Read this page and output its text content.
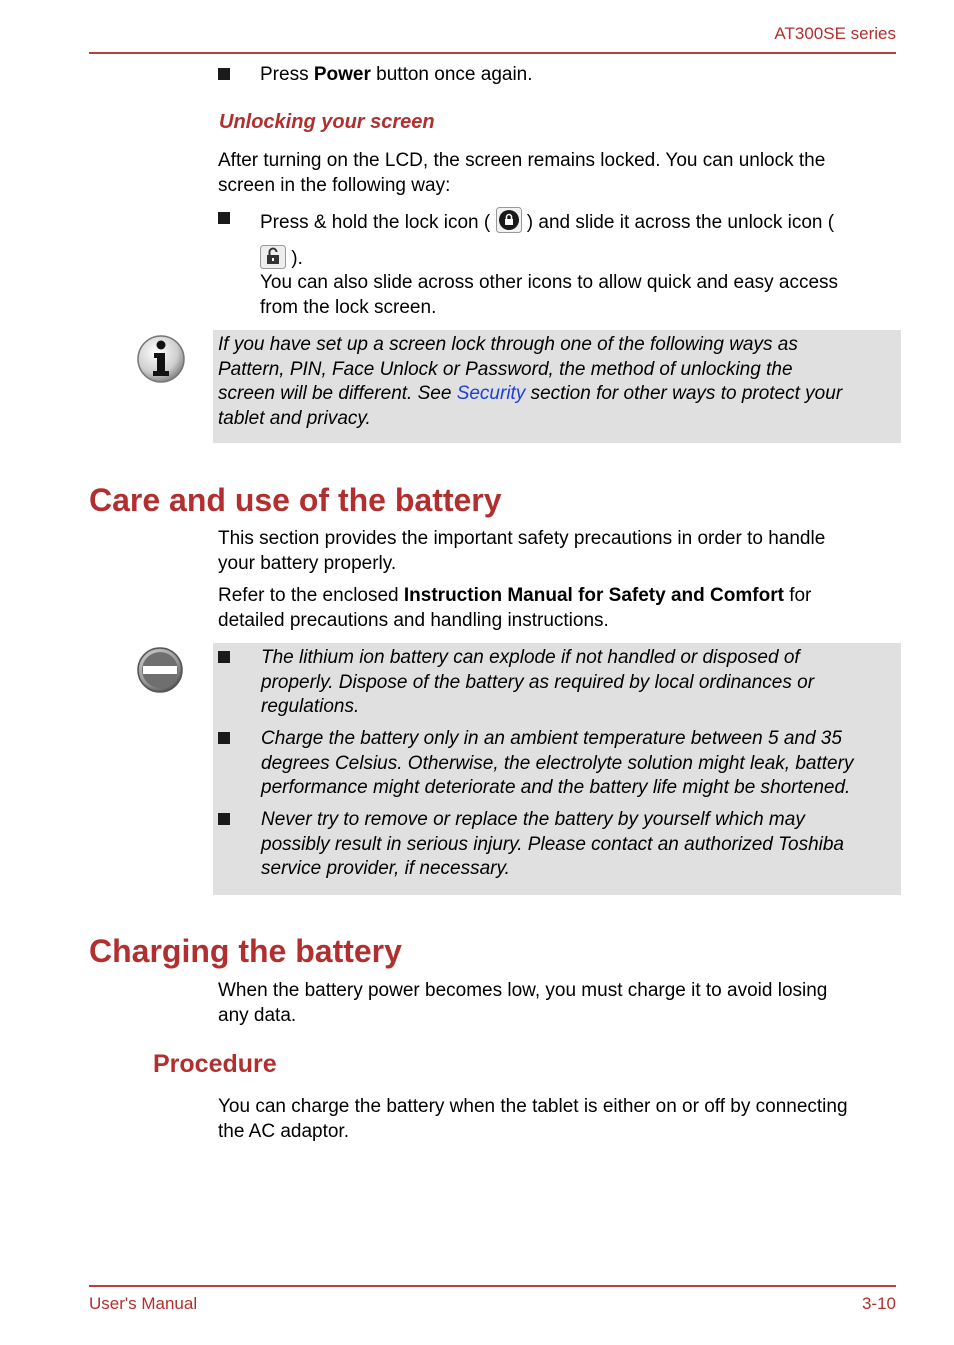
AT300SE series
Press Power button once again.
Unlocking your screen
After turning on the LCD, the screen remains locked. You can unlock the
screen in the following way:
Press & hold the lock icon ( ) and slide it across the unlock icon (
).
You can also slide across other icons to allow quick and easy access
from the lock screen.
If you have set up a screen lock through one of the following ways as
Pattern, PIN, Face Unlock or Password, the method of unlocking the
screen will be different. See Security section for other ways to protect your
tablet and privacy.
Care and use of the battery
This section provides the important safety precautions in order to handle
your battery properly.
Refer to the enclosed Instruction Manual for Safety and Comfort for
detailed precautions and handling instructions.
The lithium ion battery can explode if not handled or disposed of
properly. Dispose of the battery as required by local ordinances or
regulations.
Charge the battery only in an ambient temperature between 5 and 35
degrees Celsius. Otherwise, the electrolyte solution might leak, battery
performance might deteriorate and the battery life might be shortened.
Never try to remove or replace the battery by yourself which may
possibly result in serious injury. Please contact an authorized Toshiba
service provider, if necessary.
Charging the battery
When the battery power becomes low, you must charge it to avoid losing
any data.
Procedure
You can charge the battery when the tablet is either on or off by connecting
the AC adaptor.
User's Manual	3-10
